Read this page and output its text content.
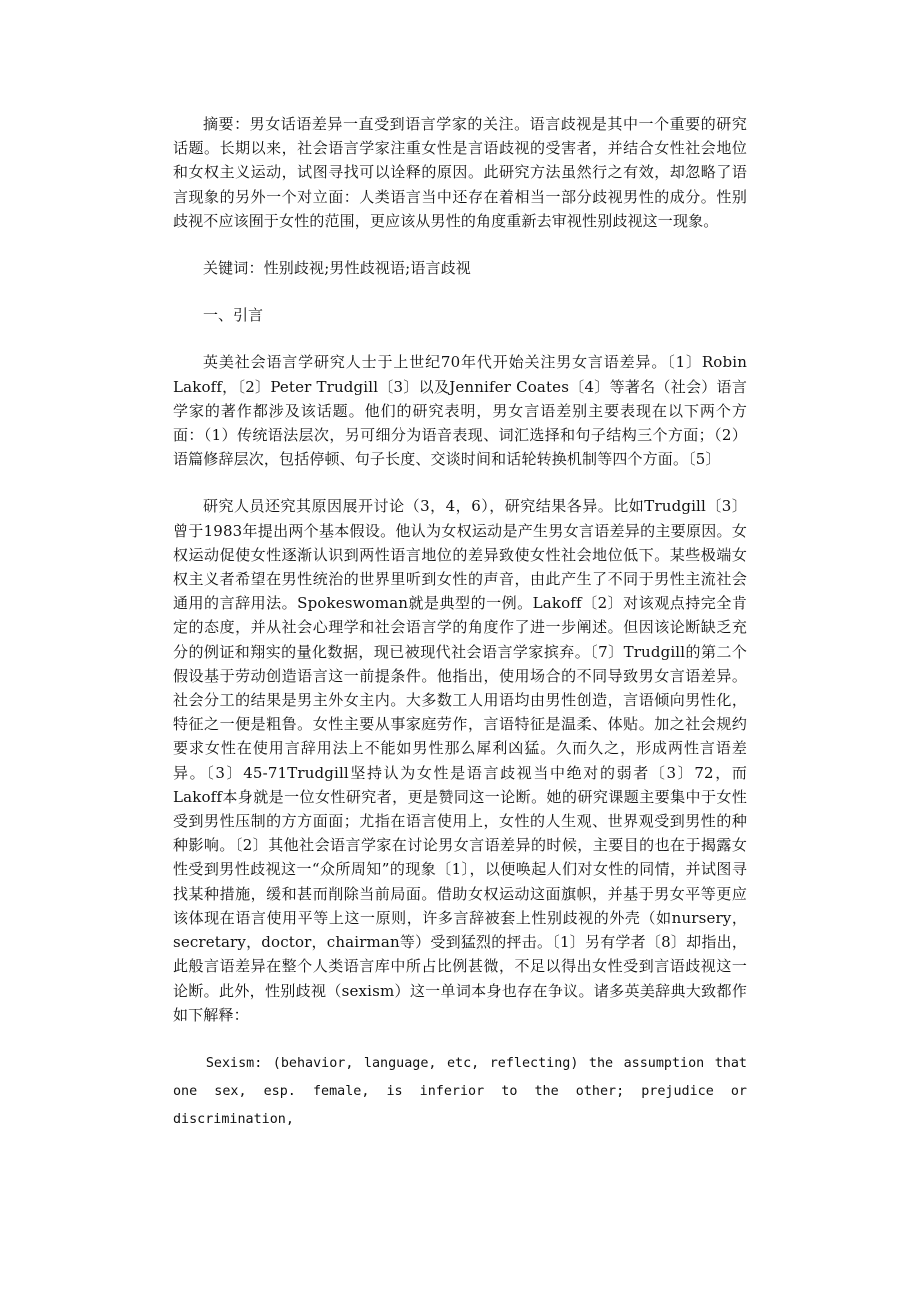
摘要：男女话语差异一直受到语言学家的关注。语言歧视是其中一个重要的研究话题。长期以来，社会语言学家注重女性是言语歧视的受害者，并结合女性社会地位和女权主义运动，试图寻找可以诠释的原因。此研究方法虽然行之有效，却忽略了语言现象的另外一个对立面：人类语言当中还存在着相当一部分歧视男性的成分。性别歧视不应该囿于女性的范围，更应该从男性的角度重新去审视性别歧视这一现象。

关键词：性别歧视;男性歧视语;语言歧视

一、引言

英美社会语言学研究人士于上世纪70年代开始关注男女言语差异。〔1〕Robin Lakoff，〔2〕Peter Trudgill〔3〕以及Jennifer Coates〔4〕等著名（社会）语言学家的著作都涉及该话题。他们的研究表明，男女言语差别主要表现在以下两个方面：（1）传统语法层次，另可细分为语音表现、词汇选择和句子结构三个方面；（2）语篇修辞层次，包括停顿、句子长度、交谈时间和话轮转换机制等四个方面。〔5〕

研究人员还究其原因展开讨论（3，4，6），研究结果各异。比如Trudgill〔3〕曾于1983年提出两个基本假设。他认为女权运动是产生男女言语差异的主要原因。女权运动促使女性逐渐认识到两性语言地位的差异致使女性社会地位低下。某些极端女权主义者希望在男性统治的世界里听到女性的声音，由此产生了不同于男性主流社会通用的言辞用法。Spokeswoman就是典型的一例。Lakoff〔2〕对该观点持完全肯定的态度，并从社会心理学和社会语言学的角度作了进一步阐述。但因该论断缺乏充分的例证和翔实的量化数据，现已被现代社会语言学家摈弃。〔7〕Trudgill的第二个假设基于劳动创造语言这一前提条件。他指出，使用场合的不同导致男女言语差异。社会分工的结果是男主外女主内。大多数工人用语均由男性创造，言语倾向男性化，特征之一便是粗鲁。女性主要从事家庭劳作，言语特征是温柔、体贴。加之社会规约要求女性在使用言辞用法上不能如男性那么犀利凶猛。久而久之，形成两性言语差异。〔3〕45-71Trudgill坚持认为女性是语言歧视当中绝对的弱者〔3〕72，而Lakoff本身就是一位女性研究者，更是赞同这一论断。她的研究课题主要集中于女性受到男性压制的方方面面；尤指在语言使用上，女性的人生观、世界观受到男性的种种影响。〔2〕其他社会语言学家在讨论男女言语差异的时候，主要目的也在于揭露女性受到男性歧视这一“众所周知”的现象〔1〕，以便唤起人们对女性的同情，并试图寻找某种措施，缓和甚而削除当前局面。借助女权运动这面旗帜，并基于男女平等更应该体现在语言使用平等上这一原则，许多言辞被套上性别歧视的外壳（如nursery，secretary，doctor，chairman等）受到猛烈的抨击。〔1〕另有学者〔8〕却指出，此般言语差异在整个人类语言库中所占比例甚微，不足以得出女性受到言语歧视这一论断。此外，性别歧视（sexism）这一单词本身也存在争议。诸多英美辞典大致都作如下解释：

Sexism: (behavior, language, etc, reflecting) the assumption that one sex, esp. female, is inferior to the other; prejudice or discrimination,
